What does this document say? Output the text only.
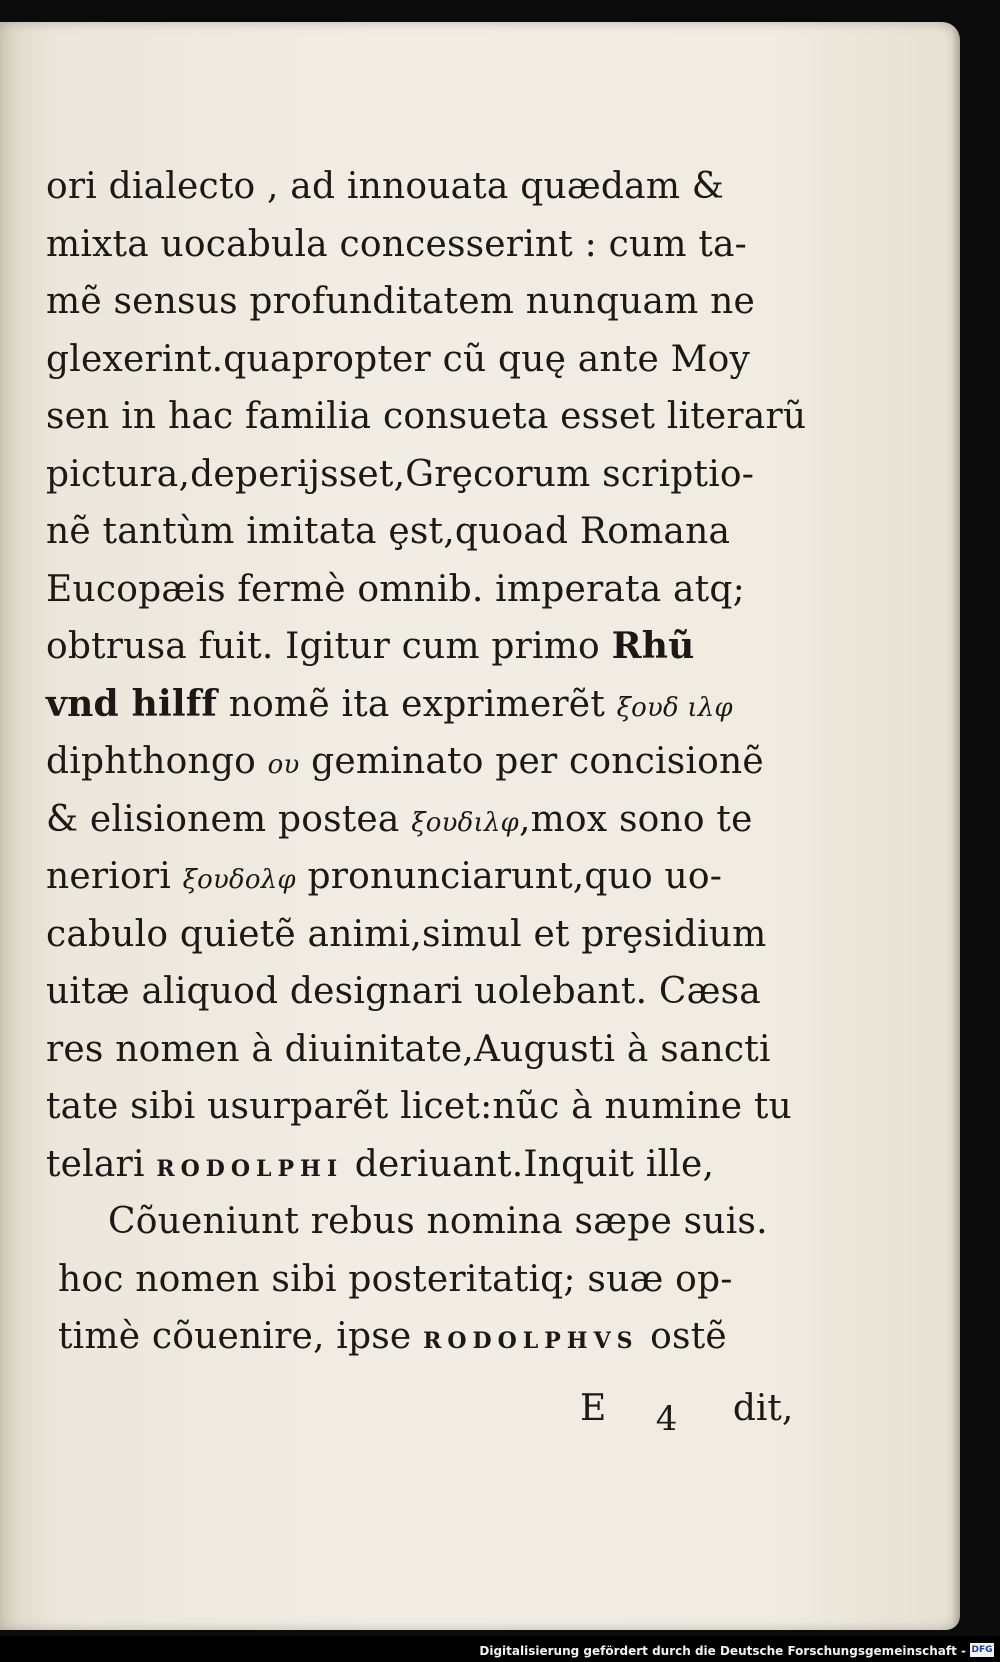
ori dialecto , ad innouata quædam &
mixta uocabula concesserint : cum ta-
mẽ sensus profunditatem nunquam ne
glexerint.quapropter cũ quę ante Moy
sen in hac familia consueta esset literarũ
pictura,deperijsset,Grȩcorum scriptio-
nẽ tantùm imitata ȩst,quoad Romana
Eucopæis fermè omnib. imperata atq;
obtrusa fuit. Igitur cum primo Rhũ
vnd hilff nomẽ ita exprimerẽt ξουδ ιλφ
diphthongo ου geminato per concisionẽ
& elisionem postea ξουδιλφ,mox sono te
neriori ξουδολφ pronunciarunt,quo uo-
cabulo quietẽ animi,simul et prȩsidium
uitæ aliquod designari uolebant. Cæsa
res nomen à diuinitate,Augusti à sancti
tate sibi usurparẽt licet:nũc à numine tu
telari RODOLPHI deriuant.Inquit ille,
Cõueniunt rebus nomina sæpe suis.
hoc nomen sibi posteritatiq; suæ op-
timè cõuenire, ipse RODOLPHVS ostẽ
E 4 dit,
Digitalisierung gefördert durch die Deutsche Forschungsgemeinschaft - DFG
